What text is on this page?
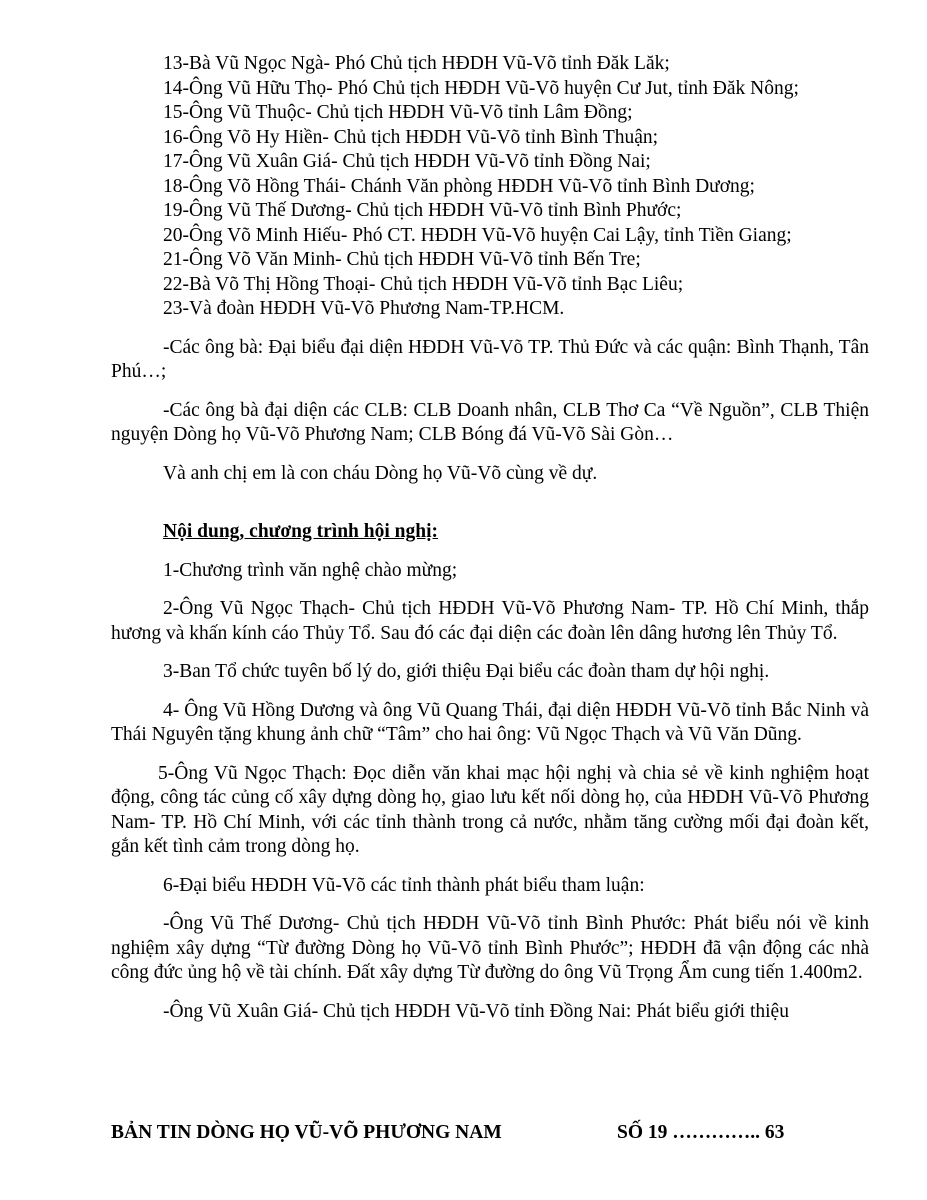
13-Bà Vũ Ngọc Ngà- Phó Chủ tịch HĐDH Vũ-Võ tỉnh Đăk Lăk;

14-Ông Vũ Hữu Thọ- Phó Chủ tịch HĐDH Vũ-Võ huyện Cư Jut, tỉnh Đăk Nông;

15-Ông Vũ Thuộc- Chủ tịch HĐDH Vũ-Võ tỉnh Lâm Đồng;

16-Ông Võ Hy Hiền- Chủ tịch HĐDH Vũ-Võ tỉnh Bình Thuận;

17-Ông Vũ Xuân Giá- Chủ tịch HĐDH Vũ-Võ tỉnh Đồng Nai;

18-Ông Võ Hồng Thái- Chánh Văn phòng HĐDH Vũ-Võ tỉnh Bình Dương;

19-Ông Vũ Thế Dương- Chủ tịch HĐDH Vũ-Võ tỉnh Bình Phước;

20-Ông Võ Minh Hiếu- Phó CT. HĐDH Vũ-Võ huyện Cai Lậy, tỉnh Tiền Giang;

21-Ông Võ Văn Minh- Chủ tịch HĐDH Vũ-Võ tỉnh Bến Tre;

22-Bà Võ Thị Hồng Thoại- Chủ tịch HĐDH Vũ-Võ tỉnh Bạc Liêu;

23-Và đoàn HĐDH Vũ-Võ Phương Nam-TP.HCM.

-Các ông bà: Đại biểu đại diện HĐDH Vũ-Võ TP. Thủ Đức và các quận: Bình Thạnh, Tân Phú…;

-Các ông bà đại diện các CLB: CLB Doanh nhân, CLB Thơ Ca “Về Nguồn”, CLB Thiện nguyện Dòng họ Vũ-Võ Phương Nam; CLB Bóng đá Vũ-Võ Sài Gòn…

Và anh chị em là con cháu Dòng họ Vũ-Võ cùng về dự.

Nội dung, chương trình hội nghị:

1-Chương trình văn nghệ chào mừng;

2-Ông Vũ Ngọc Thạch- Chủ tịch HĐDH Vũ-Võ Phương Nam- TP. Hồ Chí Minh, thắp hương và khấn kính cáo Thủy Tổ. Sau đó các đại diện các đoàn lên dâng hương lên Thủy Tổ.

3-Ban Tổ chức tuyên bố lý do, giới thiệu Đại biểu các đoàn tham dự hội nghị.

4- Ông Vũ Hồng Dương và ông Vũ Quang Thái, đại diện HĐDH Vũ-Võ tỉnh Bắc Ninh và Thái Nguyên tặng khung ảnh chữ “Tâm” cho hai ông: Vũ Ngọc Thạch và Vũ Văn Dũng.

5-Ông Vũ Ngọc Thạch: Đọc diễn văn khai mạc hội nghị và chia sẻ về kinh nghiệm hoạt động, công tác củng cố xây dựng dòng họ, giao lưu kết nối dòng họ, của HĐDH Vũ-Võ Phương Nam- TP. Hồ Chí Minh, với các tỉnh thành trong cả nước, nhằm tăng cường mối đại đoàn kết, gắn kết tình cảm trong dòng họ.

6-Đại biểu HĐDH Vũ-Võ các tỉnh thành phát biểu tham luận:

-Ông Vũ Thế Dương- Chủ tịch HĐDH Vũ-Võ tỉnh Bình Phước: Phát biểu nói về kinh nghiệm xây dựng “Từ đường Dòng họ Vũ-Võ tỉnh Bình Phước”; HĐDH đã vận động các nhà công đức ủng hộ về tài chính. Đất xây dựng Từ đường do ông Vũ Trọng Ẩm cung tiến 1.400m2.

-Ông Vũ Xuân Giá- Chủ tịch HĐDH Vũ-Võ tỉnh Đồng Nai: Phát biểu giới thiệu

BẢN TIN DÒNG HỌ VŨ-VÕ PHƯƠNG NAM	SỐ 19 ………….. 63
